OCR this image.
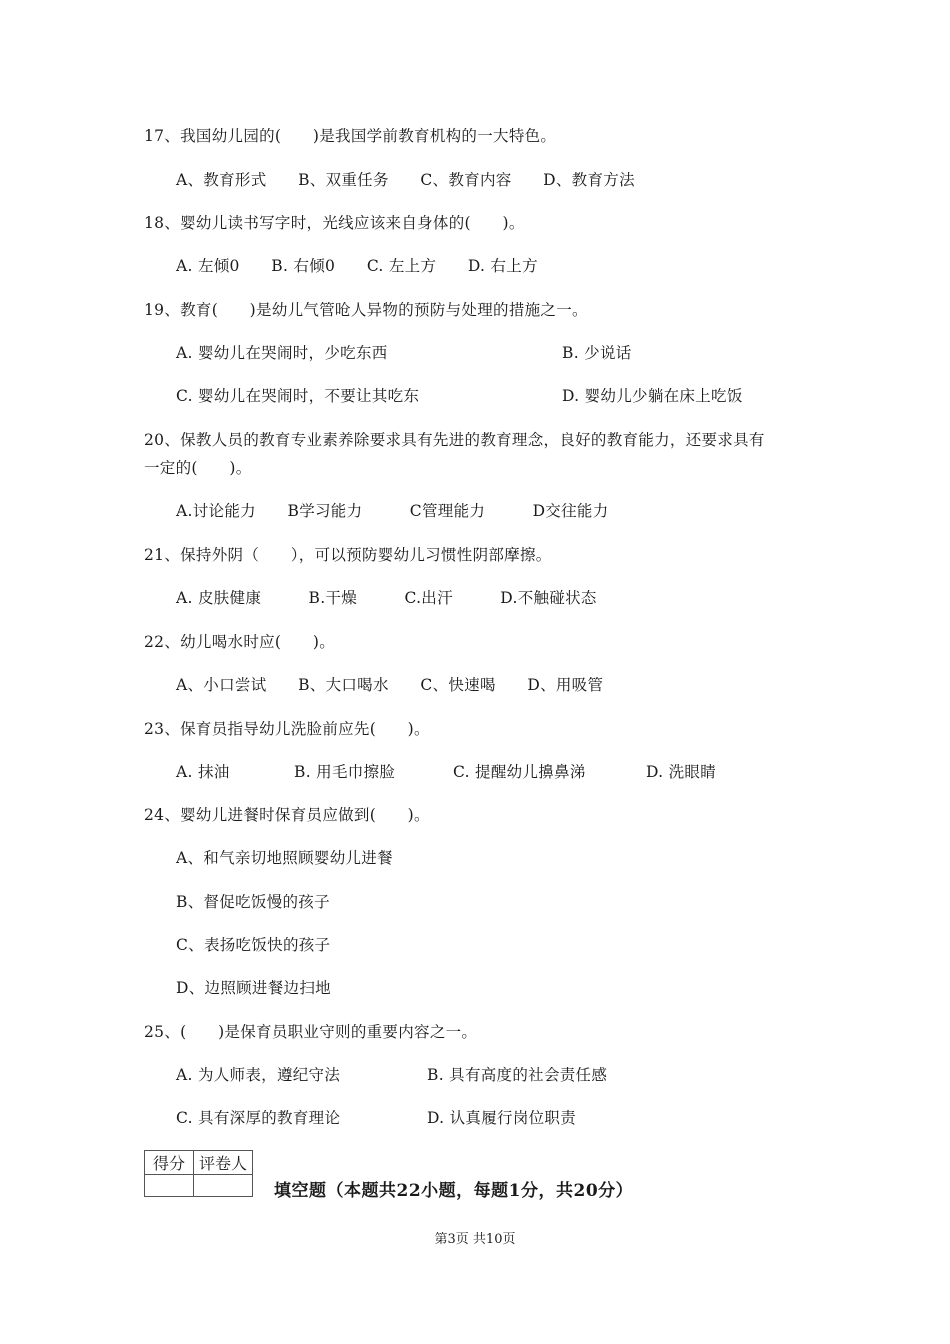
17、我国幼儿园的(　　)是我国学前教育机构的一大特色。
A、教育形式　　B、双重任务　　C、教育内容　　D、教育方法
18、婴幼儿读书写字时，光线应该来自身体的(　　)。
A. 左倾0　　B. 右倾0　　C. 左上方　　D. 右上方
19、教育(　　)是幼儿气管呛人异物的预防与处理的措施之一。
A. 婴幼儿在哭闹时，少吃东西	B. 少说话
C. 婴幼儿在哭闹时，不要让其吃东	D. 婴幼儿少躺在床上吃饭
20、保教人员的教育专业素养除要求具有先进的教育理念，良好的教育能力，还要求具有
一定的(　　)。
A.讨论能力　　B学习能力　　　C管理能力　　　D交往能力
21、保持外阴（　　），可以预防婴幼儿习惯性阴部摩擦。
A. 皮肤健康　　　B.干燥　　　C.出汗　　　D.不触碰状态
22、幼儿喝水时应(　　)。
A、小口尝试　　B、大口喝水　　C、快速喝　　D、用吸管
23、保育员指导幼儿洗脸前应先(　　)。
A. 抹油	B. 用毛巾擦脸	C. 提醒幼儿擤鼻涕	D. 洗眼睛
24、婴幼儿进餐时保育员应做到(　　)。
A、和气亲切地照顾婴幼儿进餐
B、督促吃饭慢的孩子
C、表扬吃饭快的孩子
D、边照顾进餐边扫地
25、(　　)是保育员职业守则的重要内容之一。
A. 为人师表，遵纪守法	B. 具有高度的社会责任感
C. 具有深厚的教育理论	D. 认真履行岗位职责
得分	评卷人

填空题（本题共22小题，每题1分，共20分）
第3页 共10页
